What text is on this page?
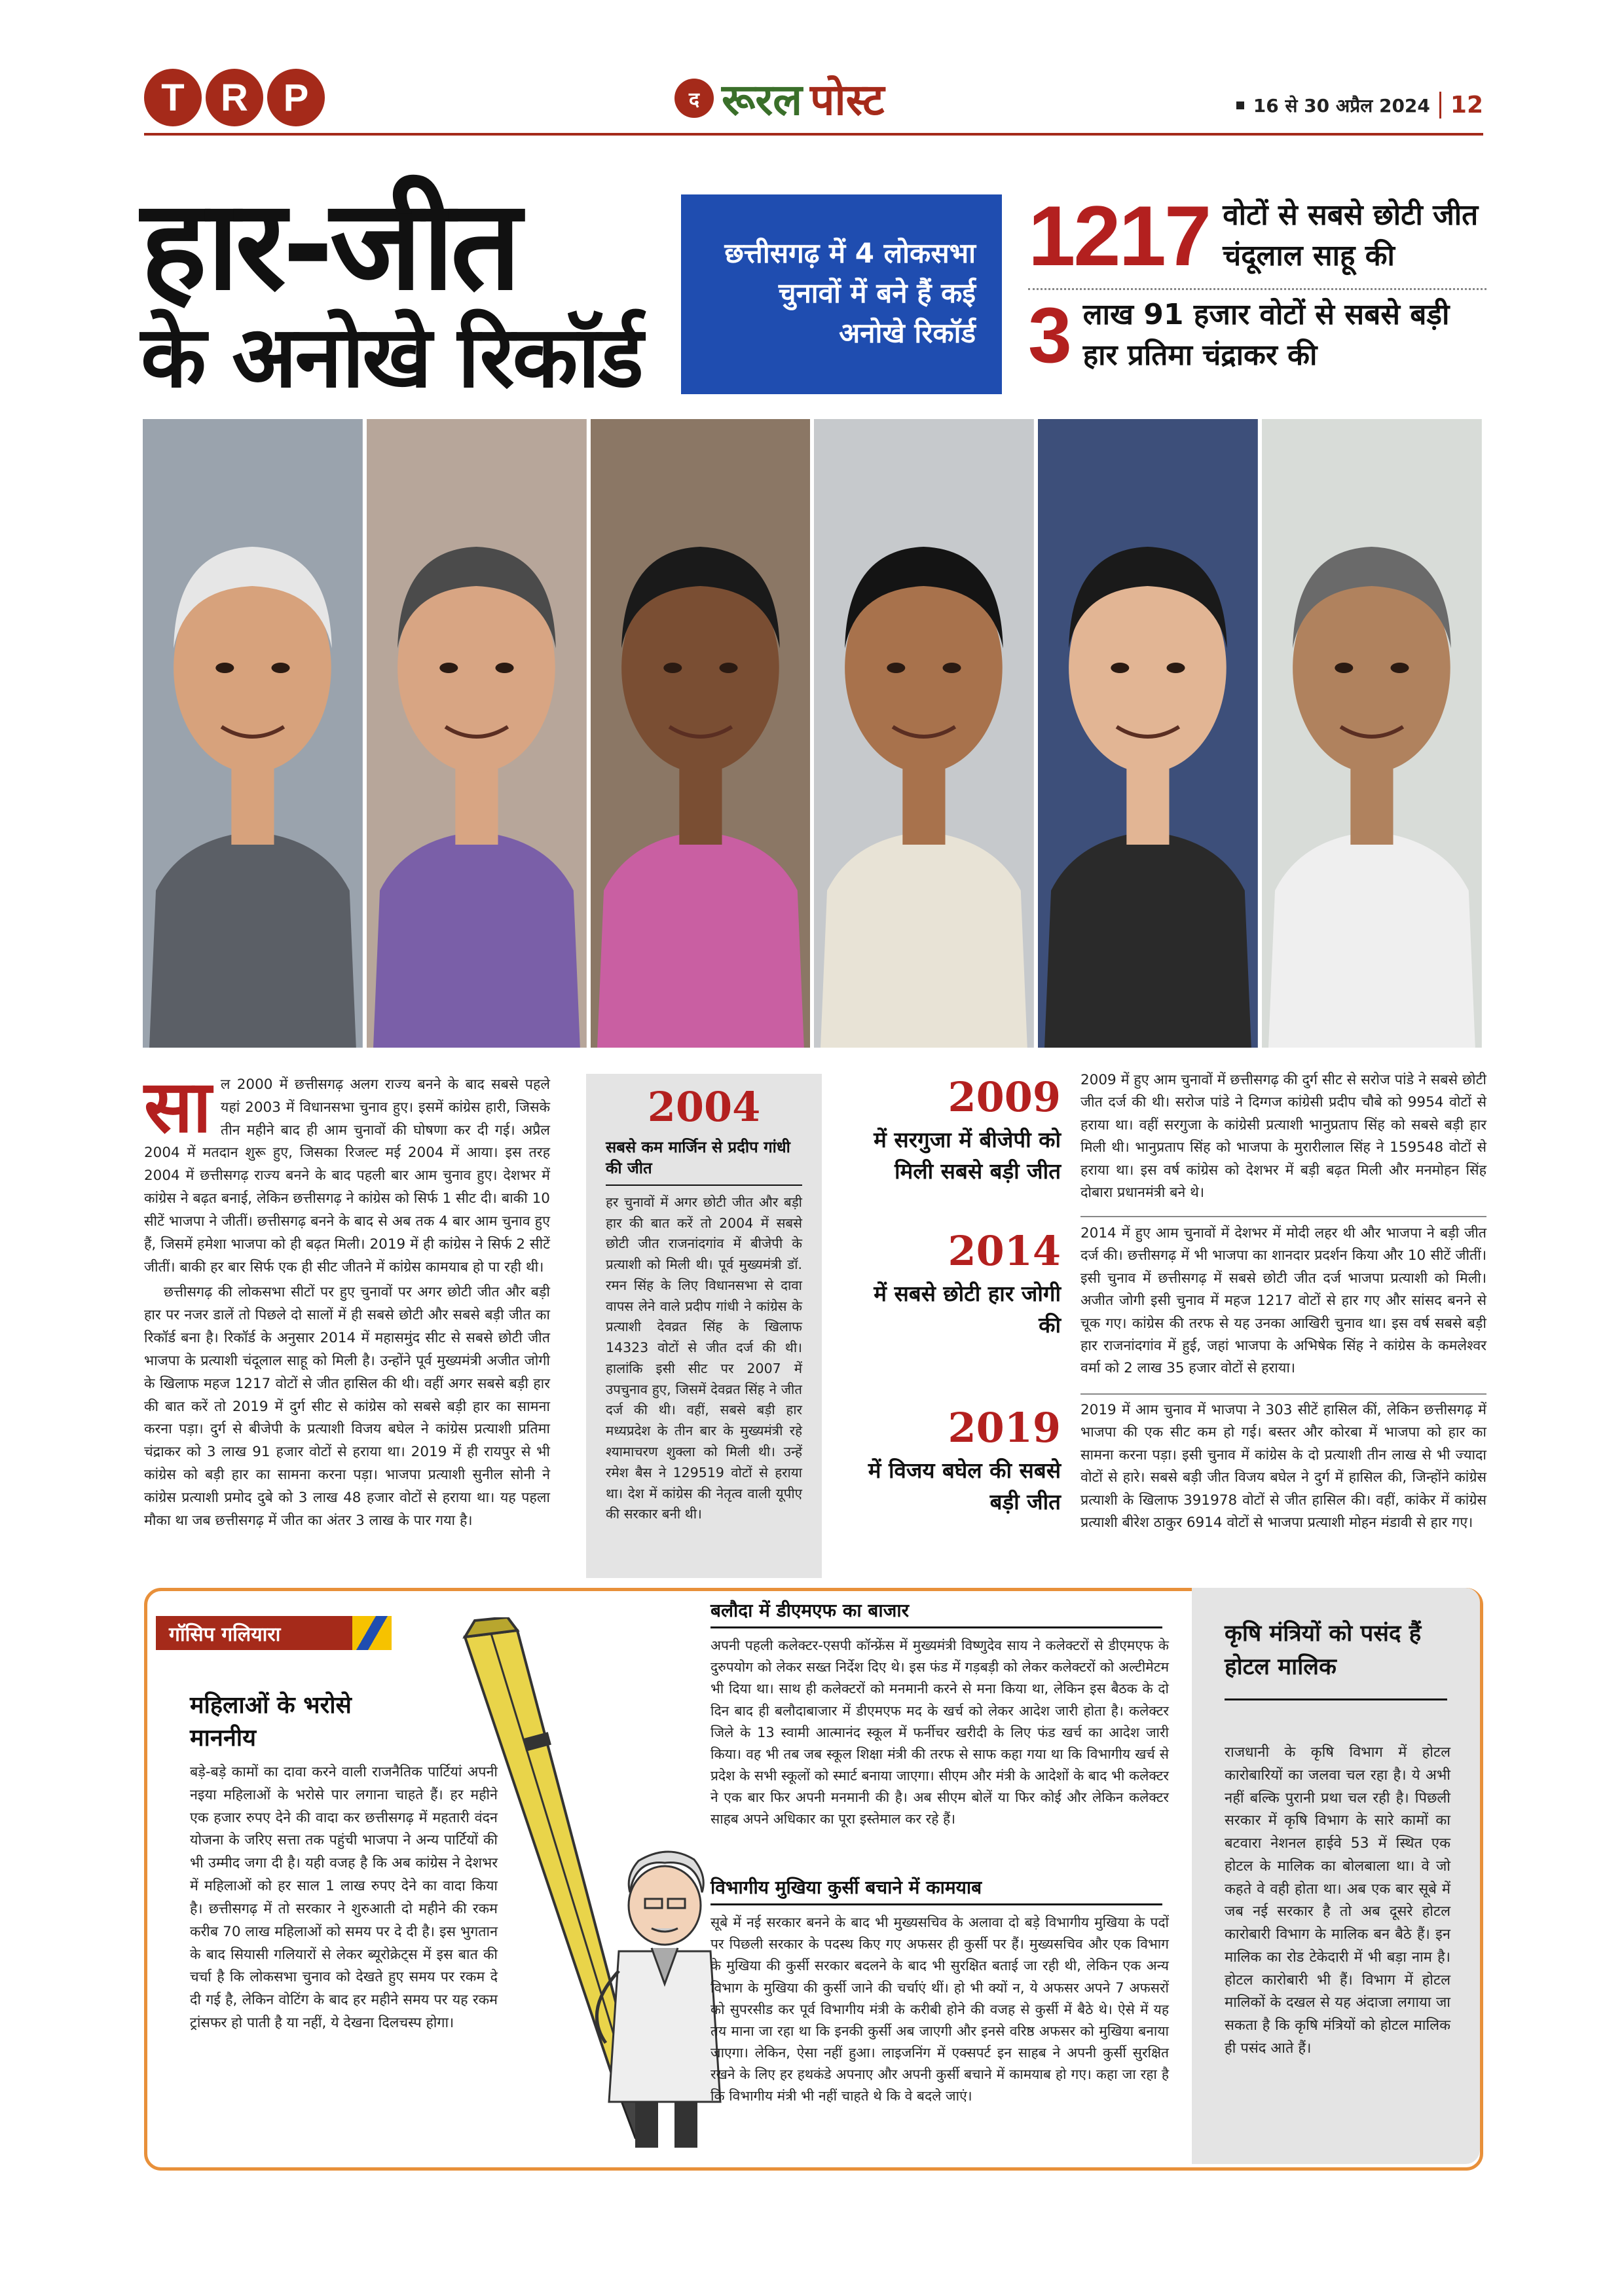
T R P	द रूरल पोस्ट	16 से 30 अप्रैल 2024 12
हार-जीत
के अनोखे रिकॉर्ड
छत्तीसगढ़ में 4 लोकसभा चुनावों में बने हैं कई अनोखे रिकॉर्ड
1217 वोटों से सबसे छोटी जीत चंदूलाल साहू की
3 लाख 91 हजार वोटों से सबसे बड़ी हार प्रतिमा चंद्राकर की

साल 2000 में छत्तीसगढ़ अलग राज्य बनने के बाद सबसे पहले यहां 2003 में विधानसभा चुनाव हुए। इसमें कांग्रेस हारी, जिसके तीन महीने बाद ही आम चुनावों की घोषणा कर दी गई। अप्रैल 2004 में मतदान शुरू हुए, जिसका रिजल्ट मई 2004 में आया। इस तरह 2004 में छत्तीसगढ़ राज्य बनने के बाद पहली बार आम चुनाव हुए। देशभर में कांग्रेस ने बढ़त बनाई, लेकिन छत्तीसगढ़ ने कांग्रेस को सिर्फ 1 सीट दी। बाकी 10 सीटें भाजपा ने जीतीं। छत्तीसगढ़ बनने के बाद से अब तक 4 बार आम चुनाव हुए हैं, जिसमें हमेशा भाजपा को ही बढ़त मिली। 2019 में ही कांग्रेस ने सिर्फ 2 सीटें जीतीं। बाकी हर बार सिर्फ एक ही सीट जीतने में कांग्रेस कामयाब हो पा रही थी।

छत्तीसगढ़ की लोकसभा सीटों पर हुए चुनावों पर अगर छोटी जीत और बड़ी हार पर नजर डालें तो पिछले दो सालों में ही सबसे छोटी और सबसे बड़ी जीत का रिकॉर्ड बना है। रिकॉर्ड के अनुसार 2014 में महासमुंद सीट से सबसे छोटी जीत भाजपा के प्रत्याशी चंदूलाल साहू को मिली है। उन्होंने पूर्व मुख्यमंत्री अजीत जोगी के खिलाफ महज 1217 वोटों से जीत हासिल की थी। वहीं अगर सबसे बड़ी हार की बात करें तो 2019 में दुर्ग सीट से कांग्रेस को सबसे बड़ी हार का सामना करना पड़ा। दुर्ग से बीजेपी के प्रत्याशी विजय बघेल ने कांग्रेस प्रत्याशी प्रतिमा चंद्राकर को 3 लाख 91 हजार वोटों से हराया था। 2019 में ही रायपुर से भी कांग्रेस को बड़ी हार का सामना करना पड़ा। भाजपा प्रत्याशी सुनील सोनी ने कांग्रेस प्रत्याशी प्रमोद दुबे को 3 लाख 48 हजार वोटों से हराया था। यह पहला मौका था जब छत्तीसगढ़ में जीत का अंतर 3 लाख के पार गया है।

2004
सबसे कम मार्जिन से प्रदीप गांधी की जीत
हर चुनावों में अगर छोटी जीत और बड़ी हार की बात करें तो 2004 में सबसे छोटी जीत राजनांदगांव में बीजेपी के प्रत्याशी को मिली थी। पूर्व मुख्यमंत्री डॉ. रमन सिंह के लिए विधानसभा से दावा वापस लेने वाले प्रदीप गांधी ने कांग्रेस के प्रत्याशी देवव्रत सिंह के खिलाफ 14323 वोटों से जीत दर्ज की थी। हालांकि इसी सीट पर 2007 में उपचुनाव हुए, जिसमें देवव्रत सिंह ने जीत दर्ज की थी। वहीं, सबसे बड़ी हार मध्यप्रदेश के तीन बार के मुख्यमंत्री रहे श्यामाचरण शुक्ला को मिली थी। उन्हें रमेश बैस ने 129519 वोटों से हराया था। देश में कांग्रेस की नेतृत्व वाली यूपीए की सरकार बनी थी।
2009
में सरगुजा में बीजेपी को मिली सबसे बड़ी जीत
2009 में हुए आम चुनावों में छत्तीसगढ़ की दुर्ग सीट से सरोज पांडे ने सबसे छोटी जीत दर्ज की थी। सरोज पांडे ने दिग्गज कांग्रेसी प्रदीप चौबे को 9954 वोटों से हराया था। वहीं सरगुजा के कांग्रेसी प्रत्याशी भानुप्रताप सिंह को सबसे बड़ी हार मिली थी। भानुप्रताप सिंह को भाजपा के मुरारीलाल सिंह ने 159548 वोटों से हराया था। इस वर्ष कांग्रेस को देशभर में बड़ी बढ़त मिली और मनमोहन सिंह दोबारा प्रधानमंत्री बने थे।
2014
में सबसे छोटी हार जोगी की
2014 में हुए आम चुनावों में देशभर में मोदी लहर थी और भाजपा ने बड़ी जीत दर्ज की। छत्तीसगढ़ में भी भाजपा का शानदार प्रदर्शन किया और 10 सीटें जीतीं। इसी चुनाव में छत्तीसगढ़ में सबसे छोटी जीत दर्ज भाजपा प्रत्याशी को मिली। अजीत जोगी इसी चुनाव में महज 1217 वोटों से हार गए और सांसद बनने से चूक गए। कांग्रेस की तरफ से यह उनका आखिरी चुनाव था। इस वर्ष सबसे बड़ी हार राजनांदगांव में हुई, जहां भाजपा के अभिषेक सिंह ने कांग्रेस के कमलेश्वर वर्मा को 2 लाख 35 हजार वोटों से हराया।
2019
में विजय बघेल की सबसे बड़ी जीत
2019 में आम चुनाव में भाजपा ने 303 सीटें हासिल कीं, लेकिन छत्तीसगढ़ में भाजपा की एक सीट कम हो गई। बस्तर और कोरबा में भाजपा को हार का सामना करना पड़ा। इसी चुनाव में कांग्रेस के दो प्रत्याशी तीन लाख से भी ज्यादा वोटों से हारे। सबसे बड़ी जीत विजय बघेल ने दुर्ग में हासिल की, जिन्होंने कांग्रेस प्रत्याशी के खिलाफ 391978 वोटों से जीत हासिल की। वहीं, कांकेर में कांग्रेस प्रत्याशी बीरेश ठाकुर 6914 वोटों से भाजपा प्रत्याशी मोहन मंडावी से हार गए।
गॉसिप गलियारा
महिलाओं के भरोसे माननीय
बड़े-बड़े कामों का दावा करने वाली राजनैतिक पार्टियां अपनी नइया महिलाओं के भरोसे पार लगाना चाहते हैं। हर महीने एक हजार रुपए देने की वादा कर छत्तीसगढ़ में महतारी वंदन योजना के जरिए सत्ता तक पहुंची भाजपा ने अन्य पार्टियों की भी उम्मीद जगा दी है। यही वजह है कि अब कांग्रेस ने देशभर में महिलाओं को हर साल 1 लाख रुपए देने का वादा किया है। छत्तीसगढ़ में तो सरकार ने शुरुआती दो महीने की रकम करीब 70 लाख महिलाओं को समय पर दे दी है। इस भुगतान के बाद सियासी गलियारों से लेकर ब्यूरोक्रेट्स में इस बात की चर्चा है कि लोकसभा चुनाव को देखते हुए समय पर रकम दे दी गई है, लेकिन वोटिंग के बाद हर महीने समय पर यह रकम ट्रांसफर हो पाती है या नहीं, ये देखना दिलचस्प होगा।
बलौदा में डीएमएफ का बाजार
अपनी पहली कलेक्टर-एसपी कॉन्फ्रेंस में मुख्यमंत्री विष्णुदेव साय ने कलेक्टरों से डीएमएफ के दुरुपयोग को लेकर सख्त निर्देश दिए थे। इस फंड में गड़बड़ी को लेकर कलेक्टरों को अल्टीमेटम भी दिया था। साथ ही कलेक्टरों को मनमानी करने से मना किया था, लेकिन इस बैठक के दो दिन बाद ही बलौदाबाजार में डीएमएफ मद के खर्च को लेकर आदेश जारी होता है। कलेक्टर जिले के 13 स्वामी आत्मानंद स्कूल में फर्नीचर खरीदी के लिए फंड खर्च का आदेश जारी किया। वह भी तब जब स्कूल शिक्षा मंत्री की तरफ से साफ कहा गया था कि विभागीय खर्च से प्रदेश के सभी स्कूलों को स्मार्ट बनाया जाएगा। सीएम और मंत्री के आदेशों के बाद भी कलेक्टर ने एक बार फिर अपनी मनमानी की है। अब सीएम बोलें या फिर कोई और लेकिन कलेक्टर साहब अपने अधिकार का पूरा इस्तेमाल कर रहे हैं।
विभागीय मुखिया कुर्सी बचाने में कामयाब
सूबे में नई सरकार बनने के बाद भी मुख्यसचिव के अलावा दो बड़े विभागीय मुखिया के पदों पर पिछली सरकार के पदस्थ किए गए अफसर ही कुर्सी पर हैं। मुख्यसचिव और एक विभाग के मुखिया की कुर्सी सरकार बदलने के बाद भी सुरक्षित बताई जा रही थी, लेकिन एक अन्य विभाग के मुखिया की कुर्सी जाने की चर्चाएं थीं। हो भी क्यों न, ये अफसर अपने 7 अफसरों को सुपरसीड कर पूर्व विभागीय मंत्री के करीबी होने की वजह से कुर्सी में बैठे थे। ऐसे में यह तय माना जा रहा था कि इनकी कुर्सी अब जाएगी और इनसे वरिष्ठ अफसर को मुखिया बनाया जाएगा। लेकिन, ऐसा नहीं हुआ। लाइजनिंग में एक्सपर्ट इन साहब ने अपनी कुर्सी सुरक्षित रखने के लिए हर हथकंडे अपनाए और अपनी कुर्सी बचाने में कामयाब हो गए। कहा जा रहा है कि विभागीय मंत्री भी नहीं चाहते थे कि वे बदले जाएं।
कृषि मंत्रियों को पसंद हैं होटल मालिक
राजधानी के कृषि विभाग में होटल कारोबारियों का जलवा चल रहा है। ये अभी नहीं बल्कि पुरानी प्रथा चल रही है। पिछली सरकार में कृषि विभाग के सारे कामों का बटवारा नेशनल हाईवे 53 में स्थित एक होटल के मालिक का बोलबाला था। वे जो कहते वे वही होता था। अब एक बार सूबे में जब नई सरकार है तो अब दूसरे होटल कारोबारी विभाग के मालिक बन बैठे हैं। इन मालिक का रोड टेकेदारी में भी बड़ा नाम है। होटल कारोबारी भी हैं। विभाग में होटल मालिकों के दखल से यह अंदाजा लगाया जा सकता है कि कृषि मंत्रियों को होटल मालिक ही पसंद आते हैं।
